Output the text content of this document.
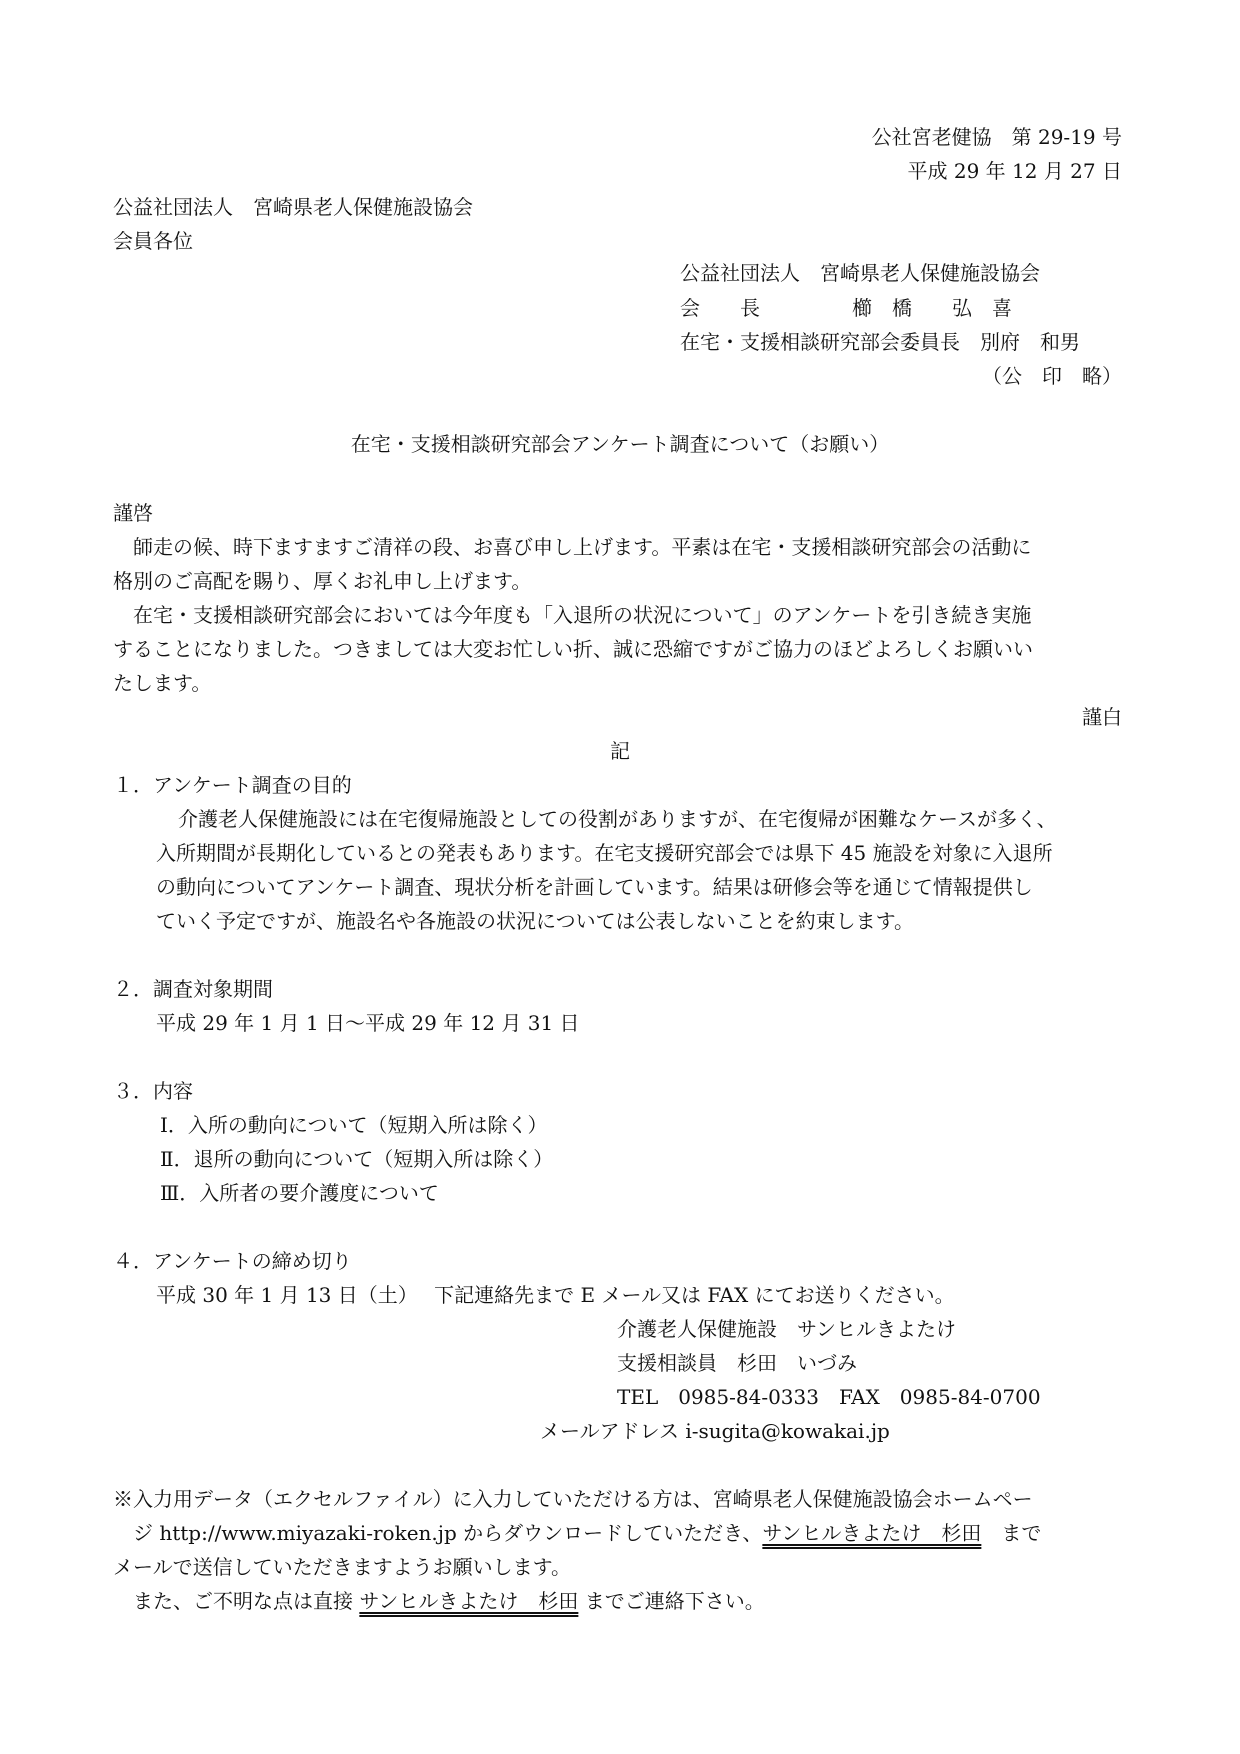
公社宮老健協　第 29-19 号
平成 29 年 12 月 27 日
公益社団法人　宮崎県老人保健施設協会
会員各位
公益社団法人　宮崎県老人保健施設協会
会　　長	櫛　橋　　弘　喜
在宅・支援相談研究部会委員長　別府　和男
（公　印　略）
在宅・支援相談研究部会アンケート調査について（お願い）
謹啓
師走の候、時下ますますご清祥の段、お喜び申し上げます。平素は在宅・支援相談研究部会の活動に
格別のご高配を賜り、厚くお礼申し上げます。
在宅・支援相談研究部会においては今年度も「入退所の状況について」のアンケートを引き続き実施
することになりました。つきましては大変お忙しい折、誠に恐縮ですがご協力のほどよろしくお願いい
たします。
謹白
記
１．アンケート調査の目的
介護老人保健施設には在宅復帰施設としての役割がありますが、在宅復帰が困難なケースが多く、
入所期間が長期化しているとの発表もあります。在宅支援研究部会では県下 45 施設を対象に入退所
の動向についてアンケート調査、現状分析を計画しています。結果は研修会等を通じて情報提供し
ていく予定ですが、施設名や各施設の状況については公表しないことを約束します。
２．調査対象期間
平成 29 年 1 月 1 日～平成 29 年 12 月 31 日
３．内容
Ⅰ．入所の動向について（短期入所は除く）
Ⅱ．退所の動向について（短期入所は除く）
Ⅲ．入所者の要介護度について
４．アンケートの締め切り
平成 30 年 1 月 13 日（土）　 下記連絡先まで E メール又は FAX にてお送りください。
介護老人保健施設　サンヒルきよたけ
支援相談員　杉田　いづみ
TEL　0985-84-0333　FAX　0985-84-0700
メールアドレス i-sugita@kowakai.jp
※入力用データ（エクセルファイル）に入力していただける方は、宮崎県老人保健施設協会ホームペー
ジ http://www.miyazaki-roken.jp からダウンロードしていただき、サンヒルきよたけ　杉田　 まで
メールで送信していただきますようお願いします。
また、ご不明な点は直接 サンヒルきよたけ　杉田 までご連絡下さい。
